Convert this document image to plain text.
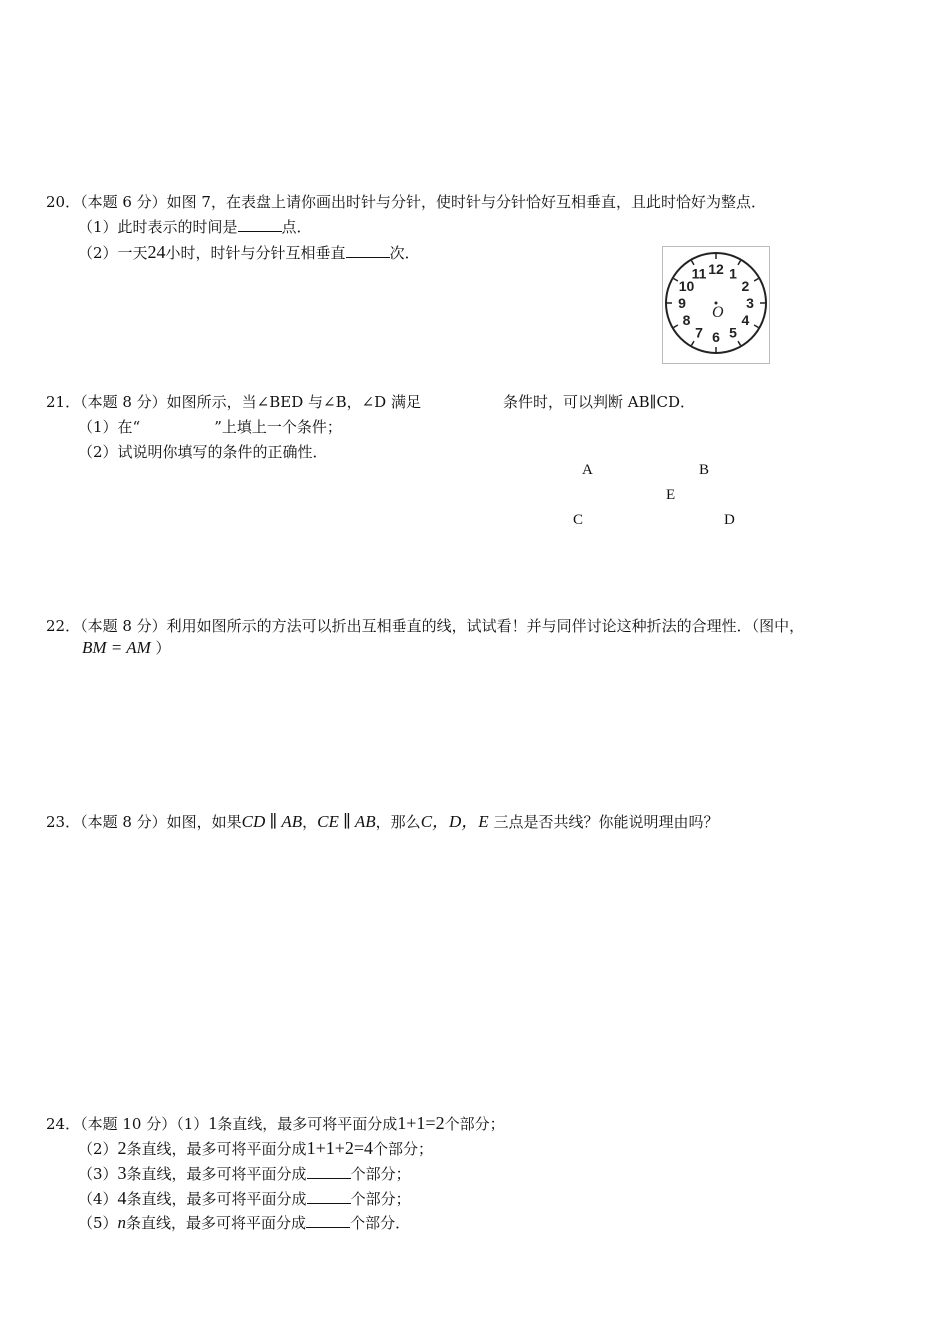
20．（本题 6 分）如图 7，在表盘上请你画出时针与分针，使时针与分针恰好互相垂直，且此时恰好为整点．
（1）此时表示的时间是	点．
（2）一天24小时，时针与分针互相垂直	次．
12 1
2
3
4
5
6
7
8
9
10
11
O
21．（本题 8 分）如图所示，当∠BED 与∠B，∠D 满足	条件时，可以判断 AB∥CD．
（1）在“	”上填上一个条件；
（2）试说明你填写的条件的正确性．
A	B
E
C	D
22．（本题 8 分）利用如图所示的方法可以折出互相垂直的线，试试看！并与同伴讨论这种折法的合理性．（图中，
BM = AM ）
23．（本题 8 分）如图，如果CD ∥ AB，CE ∥ AB，那么C，D，E 三点是否共线？你能说明理由吗？
24．（本题 10 分）（1）1条直线，最多可将平面分成1+1=2个部分；
（2）2条直线，最多可将平面分成1+1+2=4个部分；
（3）3条直线，最多可将平面分成	个部分；
（4）4条直线，最多可将平面分成	个部分；
（5）n条直线，最多可将平面分成	个部分．
